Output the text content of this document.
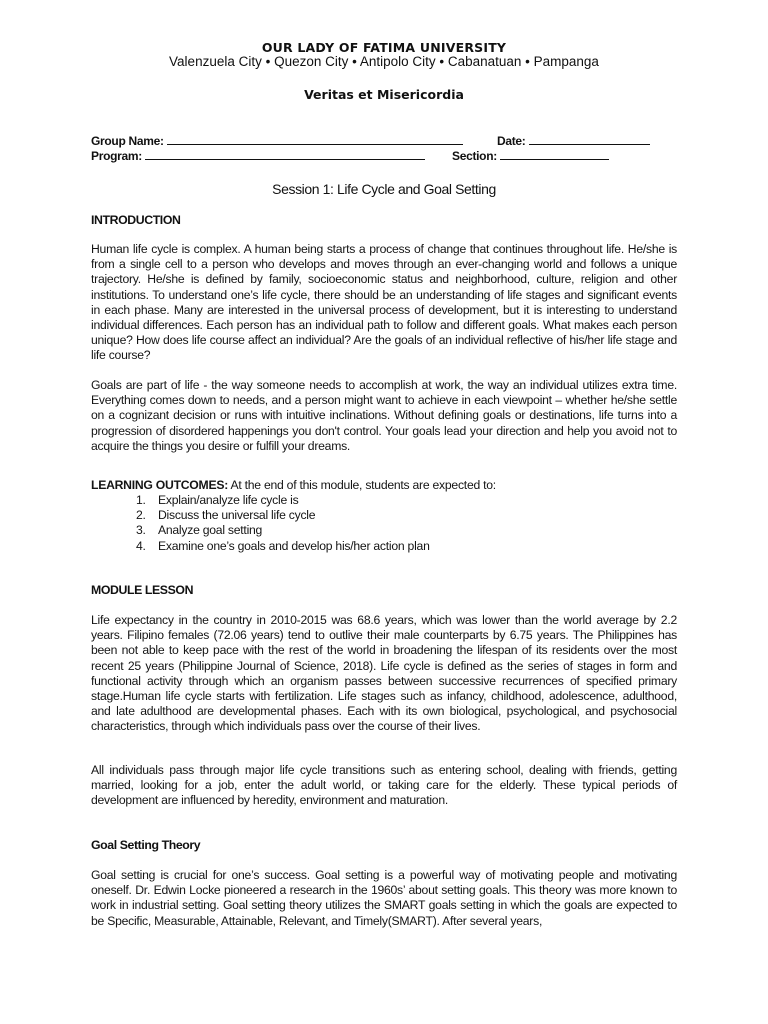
OUR LADY OF FATIMA UNIVERSITY
Valenzuela City • Quezon City • Antipolo City • Cabanatuan • Pampanga
Veritas et Misericordia
Group Name:	Date:
Program:	Section:
Session 1: Life Cycle and Goal Setting
INTRODUCTION
Human life cycle is complex. A human being starts a process of change that continues throughout life. He/she is from a single cell to a person who develops and moves through an ever-changing world and follows a unique trajectory. He/she is defined by family, socioeconomic status and neighborhood, culture, religion and other institutions. To understand one’s life cycle, there should be an understanding of life stages and significant events in each phase. Many are interested in the universal process of development, but it is interesting to understand individual differences. Each person has an individual path to follow and different goals. What makes each person unique? How does life course affect an individual? Are the goals of an individual reflective of his/her life stage and life course?
Goals are part of life - the way someone needs to accomplish at work, the way an individual utilizes extra time. Everything comes down to needs, and a person might want to achieve in each viewpoint – whether he/she settle on a cognizant decision or runs with intuitive inclinations. Without defining goals or destinations, life turns into a progression of disordered happenings you don't control. Your goals lead your direction and help you avoid not to acquire the things you desire or fulfill your dreams.
LEARNING OUTCOMES: At the end of this module, students are expected to:
1.	Explain/analyze life cycle is
2.	Discuss the universal life cycle
3.	Analyze goal setting
4.	Examine one’s goals and develop his/her action plan
MODULE LESSON
Life expectancy in the country in 2010-2015 was 68.6 years, which was lower than the world average by 2.2 years. Filipino females (72.06 years) tend to outlive their male counterparts by 6.75 years. The Philippines has been not able to keep pace with the rest of the world in broadening the lifespan of its residents over the most recent 25 years (Philippine Journal of Science, 2018). Life cycle is defined as the series of stages in form and functional activity through which an organism passes between successive recurrences of specified primary stage.Human life cycle starts with fertilization. Life stages such as infancy, childhood, adolescence, adulthood, and late adulthood are developmental phases. Each with its own biological, psychological, and psychosocial characteristics, through which individuals pass over the course of their lives.
All individuals pass through major life cycle transitions such as entering school, dealing with friends, getting married, looking for a job, enter the adult world, or taking care for the elderly. These typical periods of development are influenced by heredity, environment and maturation.
Goal Setting Theory
Goal setting is crucial for one’s success. Goal setting is a powerful way of motivating people and motivating oneself. Dr. Edwin Locke pioneered a research in the 1960s’ about setting goals. This theory was more known to work in industrial setting. Goal setting theory utilizes the SMART goals setting in which the goals are expected to be Specific, Measurable, Attainable, Relevant, and Timely(SMART). After several years,
